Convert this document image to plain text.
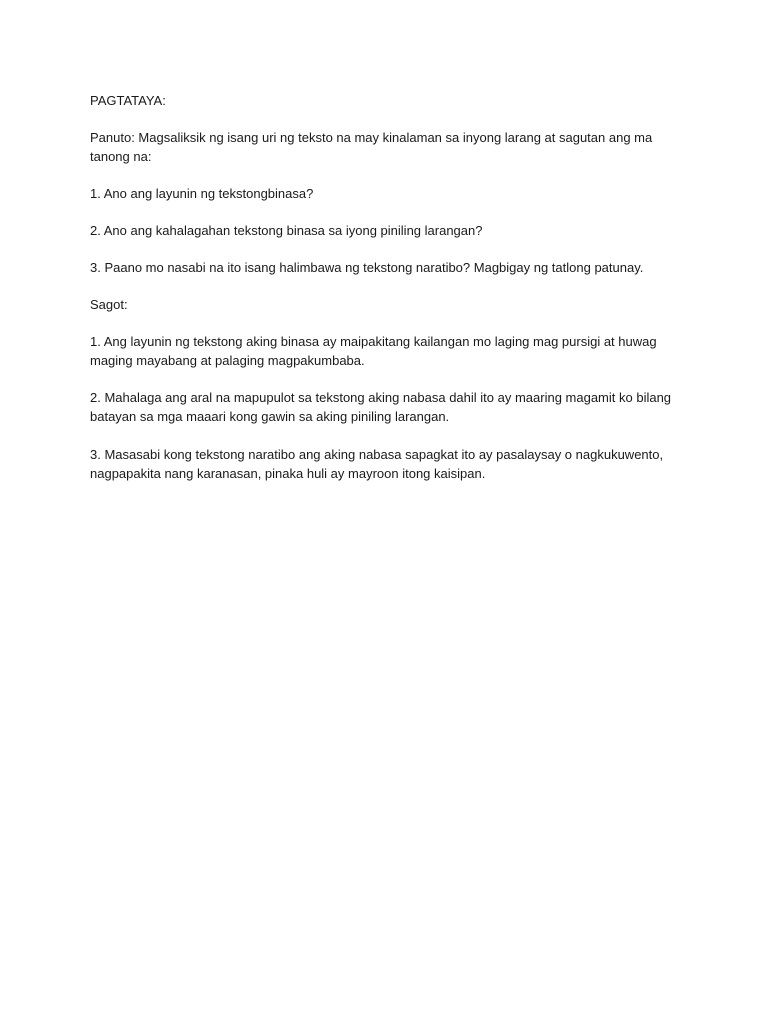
PAGTATAYA:

Panuto: Magsaliksik ng isang uri ng teksto na may kinalaman sa inyong larang at sagutan ang ma tanong na:

1. Ano ang layunin ng tekstongbinasa?

2. Ano ang kahalagahan tekstong binasa sa iyong piniling larangan?

3. Paano mo nasabi na ito isang halimbawa ng tekstong naratibo? Magbigay ng tatlong patunay.

Sagot:

1. Ang layunin ng tekstong aking binasa ay maipakitang kailangan mo laging mag pursigi at huwag maging mayabang at palaging magpakumbaba.

2. Mahalaga ang aral na mapupulot sa tekstong aking nabasa dahil ito ay maaring magamit ko bilang batayan sa mga maaari kong gawin sa aking piniling larangan.

3. Masasabi kong tekstong naratibo ang aking nabasa sapagkat ito ay pasalaysay o nagkukuwento, nagpapakita nang karanasan, pinaka huli ay mayroon itong kaisipan.
